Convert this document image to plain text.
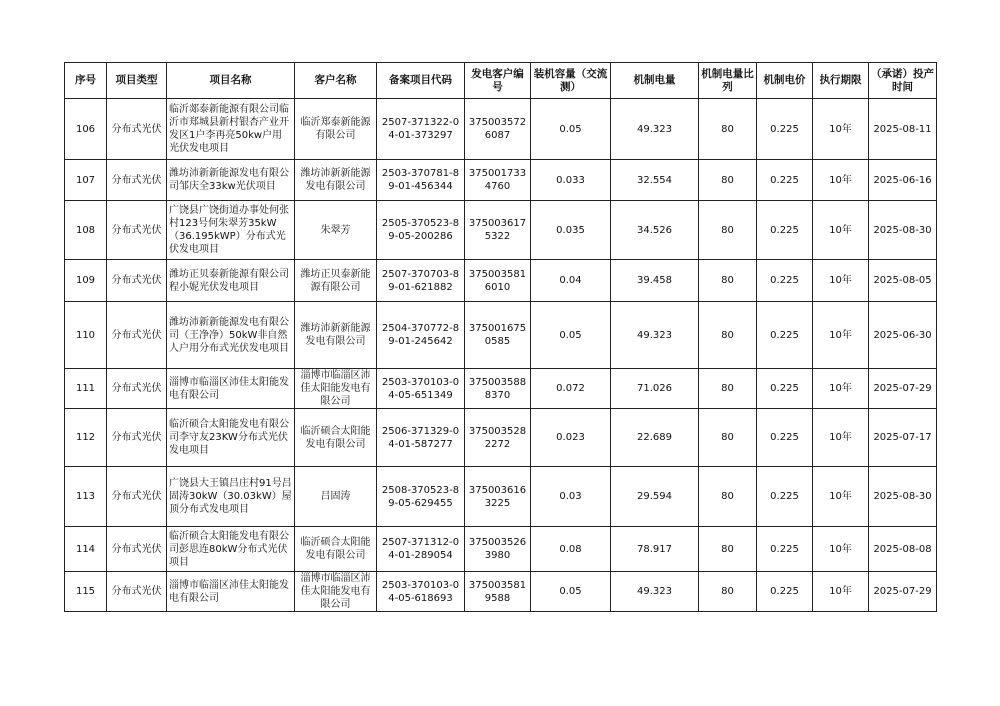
序号	项目类型	项目名称	客户名称	备案项目代码	发电客户编号	装机容量（交流测）	机制电量	机制电量比列	机制电价	执行期限	（承诺）投产时间
106	分布式光伏	临沂郯泰新能源有限公司临沂市郑城县新村银杏产业开发区1户李再亮50kw户用光伏发电项目	临沂郑泰新能源有限公司	2507-371322-04-01-373297	3750035726087	0.05	49.323	80	0.225	10年	2025-08-11
107	分布式光伏	潍坊沛新新能源发电有限公司邹庆全33kw光伏项目	潍坊沛新新能源发电有限公司	2503-370781-89-01-456344	3750017334760	0.033	32.554	80	0.225	10年	2025-06-16
108	分布式光伏	广饶县广饶街道办事处何张村123号何朱翠芳35kW（36.195kWP）分布式光伏发电项目	朱翠芳	2505-370523-89-05-200286	3750036175322	0.035	34.526	80	0.225	10年	2025-08-30
109	分布式光伏	潍坊正贝泰新能源有限公司程小妮光伏发电项目	潍坊正贝泰新能源有限公司	2507-370703-89-01-621882	3750035816010	0.04	39.458	80	0.225	10年	2025-08-05
110	分布式光伏	潍坊沛新新能源发电有限公司（王净净）50kW非自然人户用分布式光伏发电项目	潍坊沛新新能源发电有限公司	2504-370772-89-01-245642	3750016750585	0.05	49.323	80	0.225	10年	2025-06-30
111	分布式光伏	淄博市临淄区沛佳太阳能发电有限公司	淄博市临淄区沛佳太阳能发电有限公司	2503-370103-04-05-651349	3750035888370	0.072	71.026	80	0.225	10年	2025-07-29
112	分布式光伏	临沂硕合太阳能发电有限公司李守友23KW分布式光伏发电项目	临沂硕合太阳能发电有限公司	2506-371329-04-01-587277	3750035282272	0.023	22.689	80	0.225	10年	2025-07-17
113	分布式光伏	广饶县大王镇吕庄村91号吕固涛30kW（30.03kW）屋顶分布式发电项目	吕固涛	2508-370523-89-05-629455	3750036163225	0.03	29.594	80	0.225	10年	2025-08-30
114	分布式光伏	临沂硕合太阳能发电有限公司彭思连80kW分布式光伏项目	临沂硕合太阳能发电有限公司	2507-371312-04-01-289054	3750035263980	0.08	78.917	80	0.225	10年	2025-08-08
115	分布式光伏	淄博市临淄区沛佳太阳能发电有限公司	淄博市临淄区沛佳太阳能发电有限公司	2503-370103-04-05-618693	3750035819588	0.05	49.323	80	0.225	10年	2025-07-29
